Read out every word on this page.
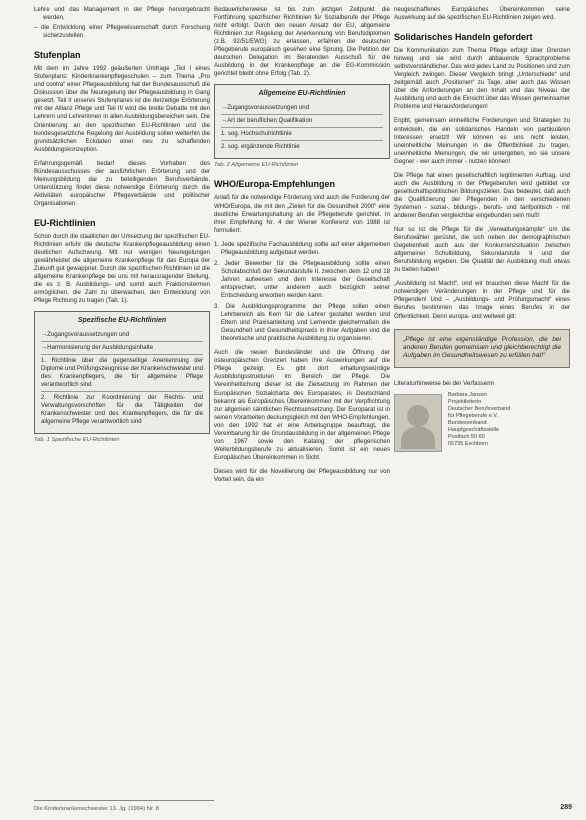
Lehre und das Management in der Pflege hervorgebracht werden,
– die Entwicklung einer Pflegewissenschaft durch Forschung sicherzustellen.
Stufenplan

Mit dem im Jahre 1992 geäußerten Umfrage „Teil I eines Stufenplans: Kinderkrankenpflegeschulen – zum Thema „Pro und contra“ einer Pflegeausbildung hat der Bundesausschuß die Diskussion über die Neuregelung der Pflegeausbildung in Gang gesetzt. Teil II unseres Stufenplanes ist die derzeitige Erörterung mit der Allianz Pflege und Teil III wird die breite Debatte mit den Lehrern und Lehrerinnen in allen Ausbildungsbereichen sein. Die Orientierung an den spezifischen EU-Richtlinien und die bundesgesetzliche Regelung der Ausbildung sollen weiterhin die grundsätzlichen Eckdaten einer neu zu schaffenden Ausbildungskonzeption.

Erfahrungsgemäß bedarf dieses Vorhaben des Bündesausschusses der ausführlichen Erörterung und der Meinungsbildung dar zu beteiligenden Berufsverbände. Unterstützung findet diese notwendige Erörterung durch die Aktivitäten europäischer Pflegeverbände und politischer Organisationen.

EU-Richtlinien

Schon durch die staatlichen der Umsetzung der spezifischen EU-Richtlinien erfuhr die deutsche Krankenpflegeausbildung einen deutlichen Aufschwung. Mit nur wenigen Neuregelungen gewährleistet die allgemeine Krankenpflege für das Europa der Zukunft gut gewappnet. Durch die spezifischen Richtlinien ist die allgemeine Krankenpflege bei uns mit herausragender Stellung, die es z. B. Ausbildungs- und somit auch Fraktionstermen ermöglichen, die Zahl zu überwachen, den Entwicklung von Pflege Richtung zu tragen (Tab. 1).

Spezifische EU-Richtlinien
→ Zugangsvoraussetzungen und
→ Harmonisierung der Ausbildungsinhalte
1. Richtlinie über die gegenseitige Anerkennung der Diplome und Prüfungszeugnisse der Krankenschwester und des Krankenpflegers, die für allgemeine Pflege verantwortlich sind
2. Richtlinie zur Koordinierung der Rechts- und Verwaltungsvorschriften für die Tätigkeiten der Krankenschwester und des Krankenpflegers, die für die allgemeine Pflege verantwortlich sind
Tab. 1 Spezifische EU-Richtlinien

Bedauerlicherweise ist bis zum jetzigen Zeitpunkt die Fortführung spezifischer Richtlinien für Sozialberufe der Pflege nicht erfolgt. Durch den neuen Ansatz der EU, allgemeine Richtlinien zur Regelung der Anerkennung von Berufsdiplomen (z.B. 92/51/EWG) zu erlassen, erfahren die deutschen Pflegeberufe europäisch gesehen eine Sprung. Die Petition der deutschen Delegation im Beratenden Ausschuß für die Ausbildung in der Krankenpflege an die EG-Kommission gerichtet bleibt ohne Erfolg (Tab. 2).

Allgemeine EU-Richtlinien
→ Zugangsvoraussetzungen und
→ Art der beruflichen Qualifikation
1. sog. Hochschulrichtlinie
2. sog. ergänzende Richtlinie
Tab. 2 Allgemeine EU-Richtlinien
WHO/Europa-Empfehlungen

Anlaß für die notwendige Förderung sind auch die Forderung der WHO/Europa, die mit den „Zielen für die Gesundheit 2000“ eine deutliche Erwartungshaltung an die Pflegeberufe gerichtet. In ihrer Empfehlung Nr. 4 der Wiener Konferenz von 1988 ist formuliert:

1. Jede spezifische Fachausbildung sollte auf einer allgemeinen Pflegeausbildung aufgebaut werden.
2. Jeder Bewerber für die Pflegeausbildung sollte einen Schulabschluß der Sekundarstufe II, zwischen dem 12 und 18 Jahren aufweisen und dem Interesse der Gesellschaft entsprechen, unter anderem auch bezüglich seiner Entscheidung erworben werden kann.
3. Die Ausbildungsprogramme der Pflege sollen einen Lehrbereich als Kern für die Lehrer gestaltet werden und Eltern und Praxisanleitung und Lernende gleichermaßen die Gesundheit und Gesundheitspraxis in ihrer Aufgaben und die theoretische und praktische Ausbildung zu organisieren.

Auch die neuen Bundesländer und die Öffnung der osteuropäischen Grenzen haben ihre Auswirkungen auf die Pflege gezeigt. Es gibt dort erhaltungswürdige Ausbildungsstrukturen im Bereich der Pflege. Die Vereinheitlichung dieser ist die Zielsetzung im Rahmen der Europäischen Sozialcharta des Europarates, in Deutschland bekannt als Europäisches Übereinkommen mit der Verpflichtung zur allgemein sämtlichen Rechtsumsetzung. Der Europarat ist in seinen Vorarbeiten deckungsgleich mit den WHO-Empfehlungen, von den 1992 hat er eine Arbeitsgruppe beauftragt, die Vereinbarung für die Grundausbildung in der allgemeinen Pflege von 1967 sowie den Katalog der pflegerischen Weiterbildungsberufe zu aktualisieren. Somit ist ein neues Europäisches Übereinkommen in Sicht.

Dieses wird für die Novellierung der Pflegeausbildung nur von Vorteil sein, da ein

neugeschaffenes Europäisches Übereinkommen seine Auswirkung auf die spezifischen EU-Richtlinien zeigen wird.

Solidarisches Handeln gefordert

Die Kommunikation zum Thema Pflege erfolgt über Grenzen hinweg und sie wird durch abbauende Sprachprobleme selbstverständlicher. Das wird jedes Land zu Positionen und zum Vergleich zwingen. Dieser Vergleich bringt „Unterschiede“ und zeitgemäß auch „Positionen“ zu Tage, aber auch das Wissen über die Anforderungen an den Inhalt und das Niveau der Ausbildung und auch die Einsicht über das Wissen gemeinsamer Probleme und Herausforderungen!

Ergibt, gemeinsam einheitliche Forderungen und Strategien zu entwickeln, die ein solidarisches Handeln von partikulären Interessen ersetzt! Wir können es uns nicht leisten, uneinheitliche Meinungen in die Öffentlichkeit zu tragen, uneinheitliche Meinungen, die wir untergeben, wo sie unsere Gegner - wer auch immer - nutzen können!

Die Pflege hat einen gesellschaftlich legitimierten Auftrag, und auch die Ausbildung in der Pflegeberufen wird gebildet vor gesellschaftspolitischen Bildungszielen. Das bedeutet, daß auch die Qualifizierung der Pflegenden in den verschiedenen Systemen - sozial-, bildungs-, berufs- und tarifpolitisch - mit anderen Berufen vergleichbar eingebunden sein muß!

Nur so ist die Pflege für die „Verwaltungskämpfe“ um die Berufswähler gerüstet, die sich neben der demographischen Gegebenheit auch aus der Konkurrenzsituation zwischen allgemeiner Schulbildung, Sekundarstufe II und der Berufsbildung ergeben. Die Qualität der Ausbildung muß etwas zu bieten haben!

„Ausbildung ist Macht“, und wir brauchen diese Macht für die notwendigen Veränderungen in der Pflege und für die Pflegenden! Und – „Ausbildungs- und Prüfungsmacht“ eines Berufes bestimmen das Image eines Berufes in der Öffentlichkeit. Denn europa- und weltweit gilt:

„Pflege ist eine eigenständige Profession, die bei anderen Berufen gemeinsam und gleichberechtigt die Aufgaben im Gesundheitswesen zu erfüllen hat!“
Literaturhinweise bei der Verfasserin
Barbara Jansen
Projektleiterin
Deutscher Berufsverband
für Pflegeberufe e.V.
Bundesverband
Hauptgeschäftsstelle
Postfach 50 60
65735 Eschborn
Die Kinderkrankenschwester 13. Jg. (1994) Nr. 8	289
